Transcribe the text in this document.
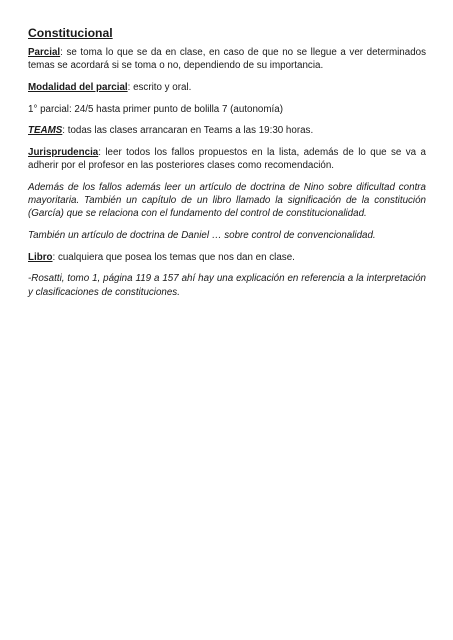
Constitucional

Parcial: se toma lo que se da en clase, en caso de que no se llegue a ver determinados temas se acordará si se toma o no, dependiendo de su importancia.

Modalidad del parcial: escrito y oral.

1° parcial: 24/5 hasta primer punto de bolilla 7 (autonomía)

TEAMS: todas las clases arrancaran en Teams a las 19:30 horas.

Jurisprudencia: leer todos los fallos propuestos en la lista, además de lo que se va a adherir por el profesor en las posteriores clases como recomendación.

Además de los fallos además leer un artículo de doctrina de Nino sobre dificultad contra mayoritaria. También un capítulo de un libro llamado la significación de la constitución (García) que se relaciona con el fundamento del control de constitucionalidad.

También un artículo de doctrina de Daniel … sobre control de convencionalidad.

Libro: cualquiera que posea los temas que nos dan en clase.

-Rosatti, tomo 1, página 119 a 157 ahí hay una explicación en referencia a la interpretación y clasificaciones de constituciones.
